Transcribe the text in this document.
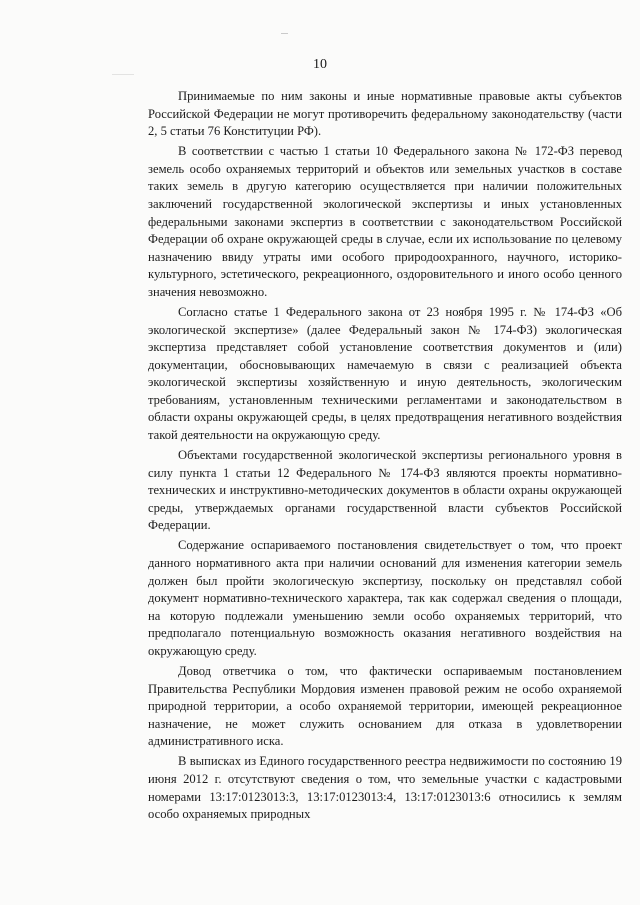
10

Принимаемые по ним законы и иные нормативные правовые акты субъектов Российской Федерации не могут противоречить федеральному законодательству (части 2, 5 статьи 76 Конституции РФ).

В соответствии с частью 1 статьи 10 Федерального закона № 172-ФЗ перевод земель особо охраняемых территорий и объектов или земельных участков в составе таких земель в другую категорию осуществляется при наличии положительных заключений государственной экологической экспертизы и иных установленных федеральными законами экспертиз в соответствии с законодательством Российской Федерации об охране окружающей среды в случае, если их использование по целевому назначению ввиду утраты ими особого природоохранного, научного, историко-культурного, эстетического, рекреационного, оздоровительного и иного особо ценного значения невозможно.

Согласно статье 1 Федерального закона от 23 ноября 1995 г. № 174-ФЗ «Об экологической экспертизе» (далее Федеральный закон № 174-ФЗ) экологическая экспертиза представляет собой установление соответствия документов и (или) документации, обосновывающих намечаемую в связи с реализацией объекта экологической экспертизы хозяйственную и иную деятельность, экологическим требованиям, установленным техническими регламентами и законодательством в области охраны окружающей среды, в целях предотвращения негативного воздействия такой деятельности на окружающую среду.

Объектами государственной экологической экспертизы регионального уровня в силу пункта 1 статьи 12 Федерального № 174-ФЗ являются проекты нормативно-технических и инструктивно-методических документов в области охраны окружающей среды, утверждаемых органами государственной власти субъектов Российской Федерации.

Содержание оспариваемого постановления свидетельствует о том, что проект данного нормативного акта при наличии оснований для изменения категории земель должен был пройти экологическую экспертизу, поскольку он представлял собой документ нормативно-технического характера, так как содержал сведения о площади, на которую подлежали уменьшению земли особо охраняемых территорий, что предполагало потенциальную возможность оказания негативного воздействия на окружающую среду.

Довод ответчика о том, что фактически оспариваемым постановлением Правительства Республики Мордовия изменен правовой режим не особо охраняемой природной территории, а особо охраняемой территории, имеющей рекреационное назначение, не может служить основанием для отказа в удовлетворении административного иска.

В выписках из Единого государственного реестра недвижимости по состоянию 19 июня 2012 г. отсутствуют сведения о том, что земельные участки с кадастровыми номерами 13:17:0123013:3, 13:17:0123013:4, 13:17:0123013:6 относились к землям особо охраняемых природных
